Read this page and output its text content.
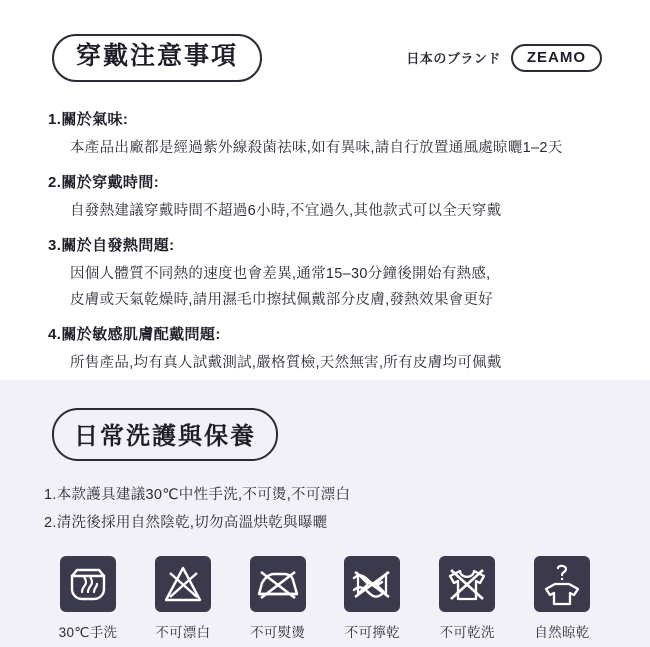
穿戴注意事項	日本のブランド	ZEAMO
1.關於氣味:
本產品出廠都是經過紫外線殺菌祛味,如有異味,請自行放置通風處晾曬1–2天
2.關於穿戴時間:
自發熱建議穿戴時間不超過6小時,不宜過久,其他款式可以全天穿戴
3.關於自發熱問題:
因個人體質不同熱的速度也會差異,通常15–30分鐘後開始有熱感,
皮膚或天氣乾燥時,請用濕毛巾擦拭佩戴部分皮膚,發熱效果會更好
4.關於敏感肌膚配戴問題:
所售產品,均有真人試戴測試,嚴格質檢,天然無害,所有皮膚均可佩戴
日常洗護與保養
1.本款護具建議30℃中性手洗,不可燙,不可漂白
2.清洗後採用自然陰乾,切勿高溫烘乾與曝曬
30℃手洗	不可漂白	不可熨燙	不可擰乾	不可乾洗	自然晾乾
